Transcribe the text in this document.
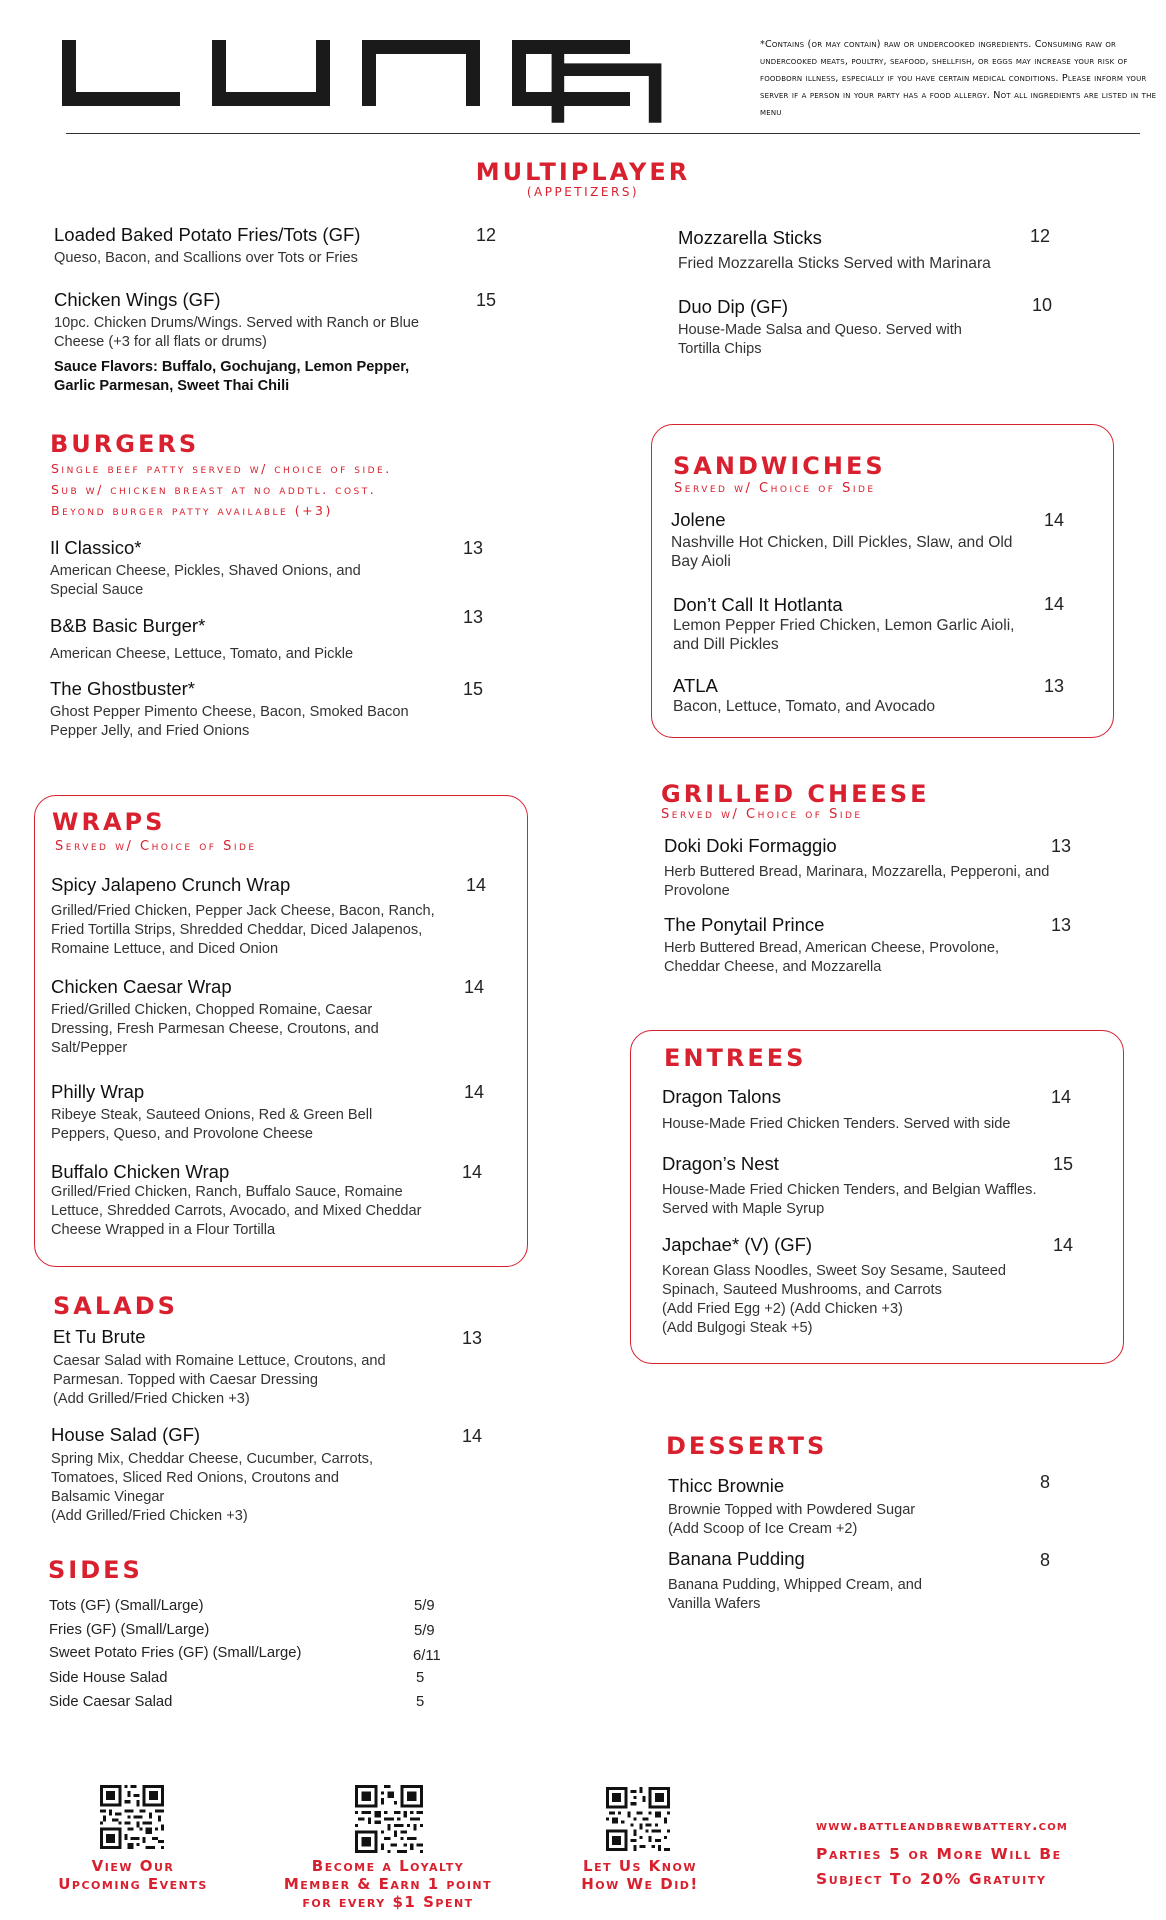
*Contains (or may contain) raw or undercooked ingredients. Consuming raw or undercooked meats, poultry, seafood, shellfish, or eggs may increase your risk of foodborn illness, especially if you have certain medical conditions. Please inform your server if a person in your party has a food allergy. Not all ingredients are listed in the menu
MULTIPLAYER
(APPETIZERS)
Loaded Baked Potato Fries/Tots (GF)
Queso, Bacon, and Scallions over Tots or Fries
12
Chicken Wings (GF)
10pc. Chicken Drums/Wings. Served with Ranch or Blue Cheese (+3 for all flats or drums)
Sauce Flavors: Buffalo, Gochujang, Lemon Pepper, Garlic Parmesan, Sweet Thai Chili
15
Mozzarella Sticks
Fried Mozzarella Sticks Served with Marinara
12
Duo Dip (GF)
House-Made Salsa and Queso. Served with Tortilla Chips
10
BURGERS
Single beef patty served w/ choice of side.
Sub w/ chicken breast at no addtl. cost.
Beyond burger patty available (+3)
Il Classico*
American Cheese, Pickles, Shaved Onions, and Special Sauce
13
B&B Basic Burger*
American Cheese, Lettuce, Tomato, and Pickle
13
The Ghostbuster*
Ghost Pepper Pimento Cheese, Bacon, Smoked Bacon Pepper Jelly, and Fried Onions
15
SANDWICHES
Served w/ Choice of Side
Jolene
Nashville Hot Chicken, Dill Pickles, Slaw, and Old Bay Aioli
14
Don’t Call It Hotlanta
Lemon Pepper Fried Chicken, Lemon Garlic Aioli, and Dill Pickles
14
ATLA
Bacon, Lettuce, Tomato, and Avocado
13
WRAPS
Served w/ Choice of Side
Spicy Jalapeno Crunch Wrap
Grilled/Fried Chicken, Pepper Jack Cheese, Bacon, Ranch, Fried Tortilla Strips, Shredded Cheddar, Diced Jalapenos, Romaine Lettuce, and Diced Onion
14
Chicken Caesar Wrap
Fried/Grilled Chicken, Chopped Romaine, Caesar Dressing, Fresh Parmesan Cheese, Croutons, and Salt/Pepper
14
Philly Wrap
Ribeye Steak, Sauteed Onions, Red & Green Bell Peppers, Queso, and Provolone Cheese
14
Buffalo Chicken Wrap
Grilled/Fried Chicken, Ranch, Buffalo Sauce, Romaine Lettuce, Shredded Carrots, Avocado, and Mixed Cheddar Cheese Wrapped in a Flour Tortilla
14
GRILLED CHEESE
Served w/ Choice of Side
Doki Doki Formaggio
Herb Buttered Bread, Marinara, Mozzarella, Pepperoni, and Provolone
13
The Ponytail Prince
Herb Buttered Bread, American Cheese, Provolone, Cheddar Cheese, and Mozzarella
13
ENTREES
Dragon Talons
House-Made Fried Chicken Tenders. Served with side
14
Dragon’s Nest
House-Made Fried Chicken Tenders, and Belgian Waffles. Served with Maple Syrup
15
Japchae* (V) (GF)
Korean Glass Noodles, Sweet Soy Sesame, Sauteed
Spinach, Sauteed Mushrooms, and Carrots
(Add Fried Egg +2) (Add Chicken +3)
(Add Bulgogi Steak +5)
14
SALADS
Et Tu Brute
Caesar Salad with Romaine Lettuce, Croutons, and
Parmesan. Topped with Caesar Dressing
(Add Grilled/Fried Chicken +3)
13
House Salad (GF)
Spring Mix, Cheddar Cheese, Cucumber, Carrots,
Tomatoes, Sliced Red Onions, Croutons and
Balsamic Vinegar
(Add Grilled/Fried Chicken +3)
14
SIDES
Tots (GF) (Small/Large)	5/9
Fries (GF) (Small/Large)	5/9
Sweet Potato Fries (GF) (Small/Large)	6/11
Side House Salad	5
Side Caesar Salad	5
DESSERTS
Thicc Brownie
Brownie Topped with Powdered Sugar
(Add Scoop of Ice Cream +2)
8
Banana Pudding
Banana Pudding, Whipped Cream, and
Vanilla Wafers
8
View Our
Upcoming Events
Become a Loyalty
Member & Earn 1 point
for every $1 Spent
Let Us Know
How We Did!
www.battleandbrewbattery.com
Parties 5 or More Will Be
Subject To 20% Gratuity
